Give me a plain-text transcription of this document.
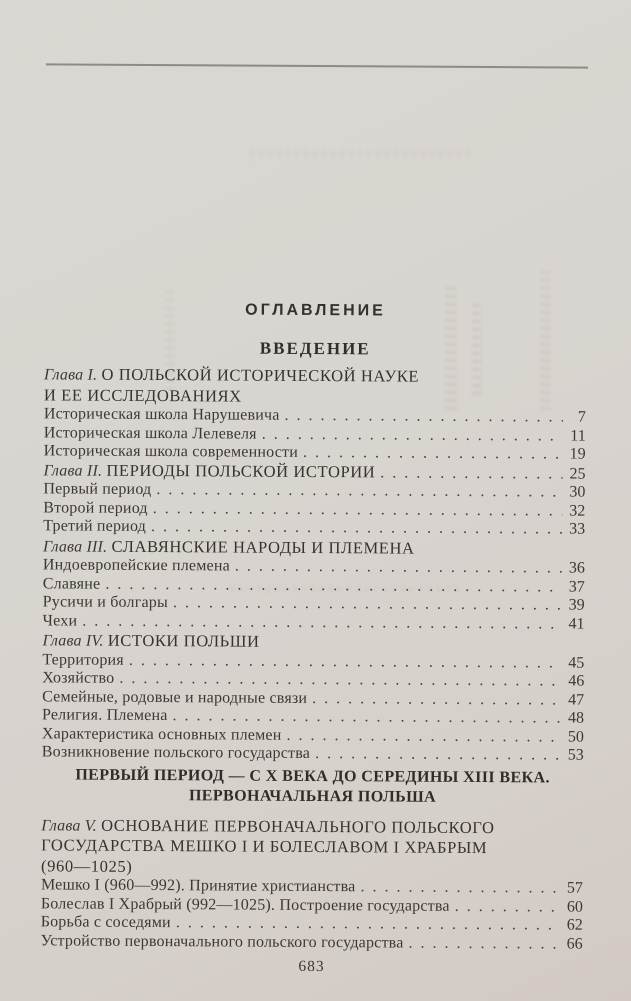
ОГЛАВЛЕНИЕ
ВВЕДЕНИЕ
Глава I. О ПОЛЬСКОЙ ИСТОРИЧЕСКОЙ НАУКЕ
И ЕЕ ИССЛЕДОВАНИЯХ
Историческая школа Нарушевича . . .	7
Историческая школа Лелевеля . . .	11
Историческая школа современности . . .	19
Глава II. ПЕРИОДЫ ПОЛЬСКОЙ ИСТОРИИ . . .	25
Первый период . . .	30
Второй период . . .	32
Третий период . . .	33
Глава III. СЛАВЯНСКИЕ НАРОДЫ И ПЛЕМЕНА
Индоевропейские племена . . .	36
Славяне . . .	37
Русичи и болгары . . .	39
Чехи . . .	41
Глава IV. ИСТОКИ ПОЛЬШИ
Территория . . .	45
Хозяйство . . .	46
Семейные, родовые и народные связи . . .	47
Религия. Племена . . .	48
Характеристика основных племен . . .	50
Возникновение польского государства . . .	53
ПЕРВЫЙ ПЕРИОД — С X ВЕКА ДО СЕРЕДИНЫ XIII ВЕКА.
ПЕРВОНАЧАЛЬНАЯ ПОЛЬША
Глава V. ОСНОВАНИЕ ПЕРВОНАЧАЛЬНОГО ПОЛЬСКОГО
ГОСУДАРСТВА МЕШКО I И БОЛЕСЛАВОМ I ХРАБРЫМ
(960—1025)
Мешко I (960—992). Принятие христианства . . .	57
Болеслав I Храбрый (992—1025). Построение государства . . .	60
Борьба с соседями . . .	62
Устройство первоначального польского государства . . .	66
683
